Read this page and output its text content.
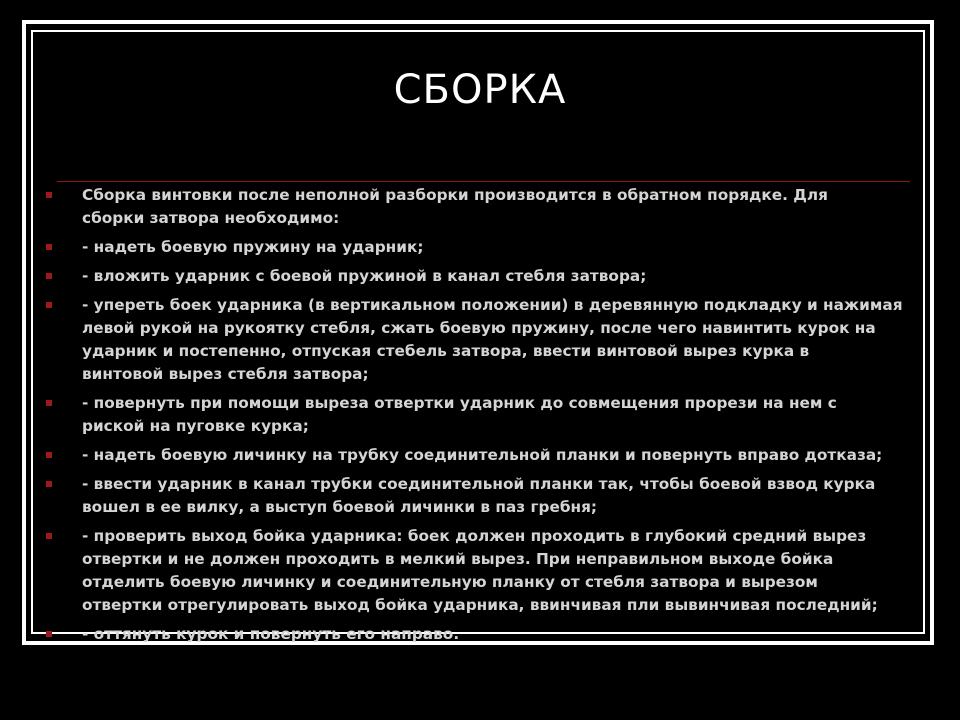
СБОРКА
Сборка винтовки после неполной разборки производится в обратном порядке. Для
сборки затвора необходимо:
- надеть боевую пружину на ударник;
- вложить ударник с боевой пружиной в канал стебля затвора;
- упереть боек ударника (в вертикальном положении) в деревянную подкладку и нажимая
левой рукой на рукоятку стебля, сжать боевую пружину, после чего навинтить курок на
ударник и постепенно, отпуская стебель затвора, ввести винтовой вырез курка в
винтовой вырез стебля затвора;
- повернуть при помощи выреза отвертки ударник до совмещения прорези на нем с
риской на пуговке курка;
- надеть боевую личинку на трубку соединительной планки и повернуть вправо дотказа;
- ввести ударник в канал трубки соединительной планки так, чтобы боевой взвод курка
вошел в ее вилку, а выступ боевой личинки в паз гребня;
- проверить выход бойка ударника: боек должен проходить в глубокий средний вырез
отвертки и не должен проходить в мелкий вырез. При неправильном выходе бойка
отделить боевую личинку и соединительную планку от стебля затвора и вырезом
отвертки отрегулировать выход бойка ударника, ввинчивая пли вывинчивая последний;
- оттянуть курок и повернуть его направо.
